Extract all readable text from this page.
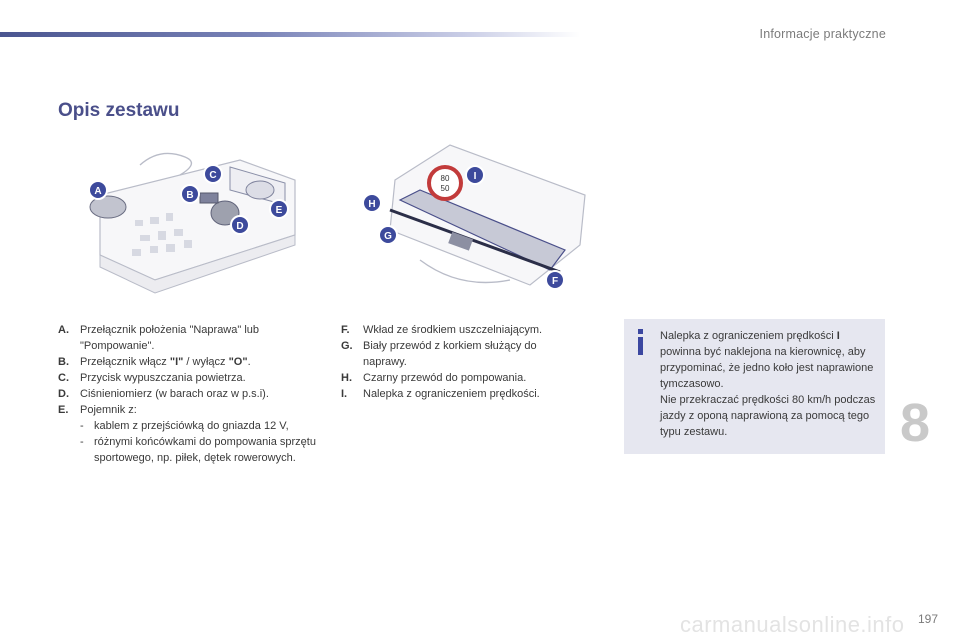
Informacje praktyczne
Opis zestawu
A	B
C
D
E
80
50
I
H
G
F
A.	Przełącznik położenia "Naprawa" lub "Pompowanie".
B.	Przełącznik włącz "I" / wyłącz "O".
C.	Przycisk wypuszczania powietrza.
D.	Ciśnieniomierz (w barach oraz w p.s.i).
E.	Pojemnik z:
- kablem z przejściówką do gniazda 12 V,
- różnymi końcówkami do pompowania sprzętu sportowego, np. piłek, dętek rowerowych.
F.	Wkład ze środkiem uszczelniającym.
G. Biały przewód z korkiem służący do naprawy.
H.	Czarny przewód do pompowania.
I.	Nalepka z ograniczeniem prędkości.
Nalepka z ograniczeniem prędkości I powinna być naklejona na kierownicę, aby przypominać, że jedno koło jest naprawione tymczasowo.
Nie przekraczać prędkości 80 km/h podczas jazdy z oponą naprawioną za pomocą tego typu zestawu.	8
carmanualsonline.info 197
